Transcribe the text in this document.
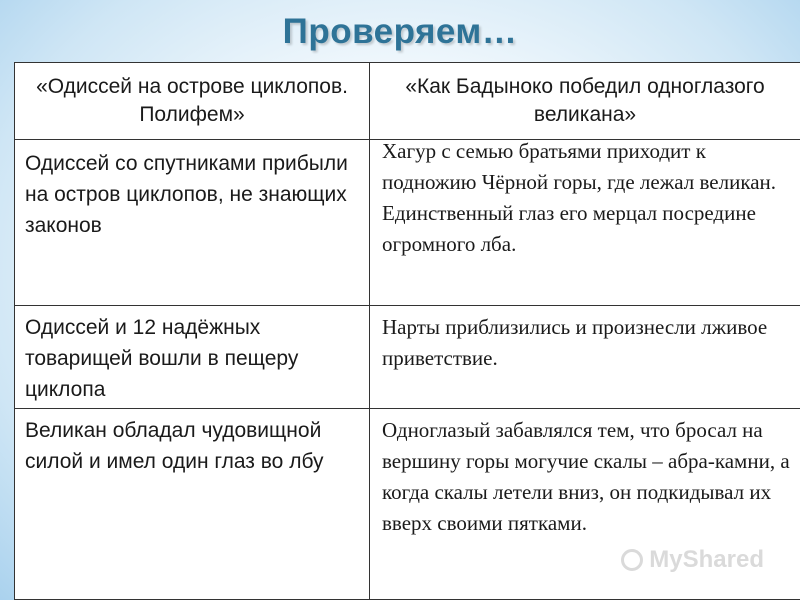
Проверяем…
«Одиссей на острове циклопов. Полифем»	«Как Бадыноко победил одноглазого великана»

Одиссей со спутниками прибыли на остров циклопов, не знающих законов	Хагур с семью братьями приходит к подножию Чёрной горы, где лежал великан. Единственный глаз его мерцал посредине огромного лба.

Одиссей и 12 надёжных товарищей вошли в пещеру циклопа	Нарты приблизились и произнесли лживое приветствие.

Великан обладал чудовищной силой и имел один глаз во лбу	Одноглазый забавлялся тем, что бросал на вершину горы могучие скалы – абра-камни, а когда скалы летели вниз, он подкидывал их вверх своими пятками.
MyShared
